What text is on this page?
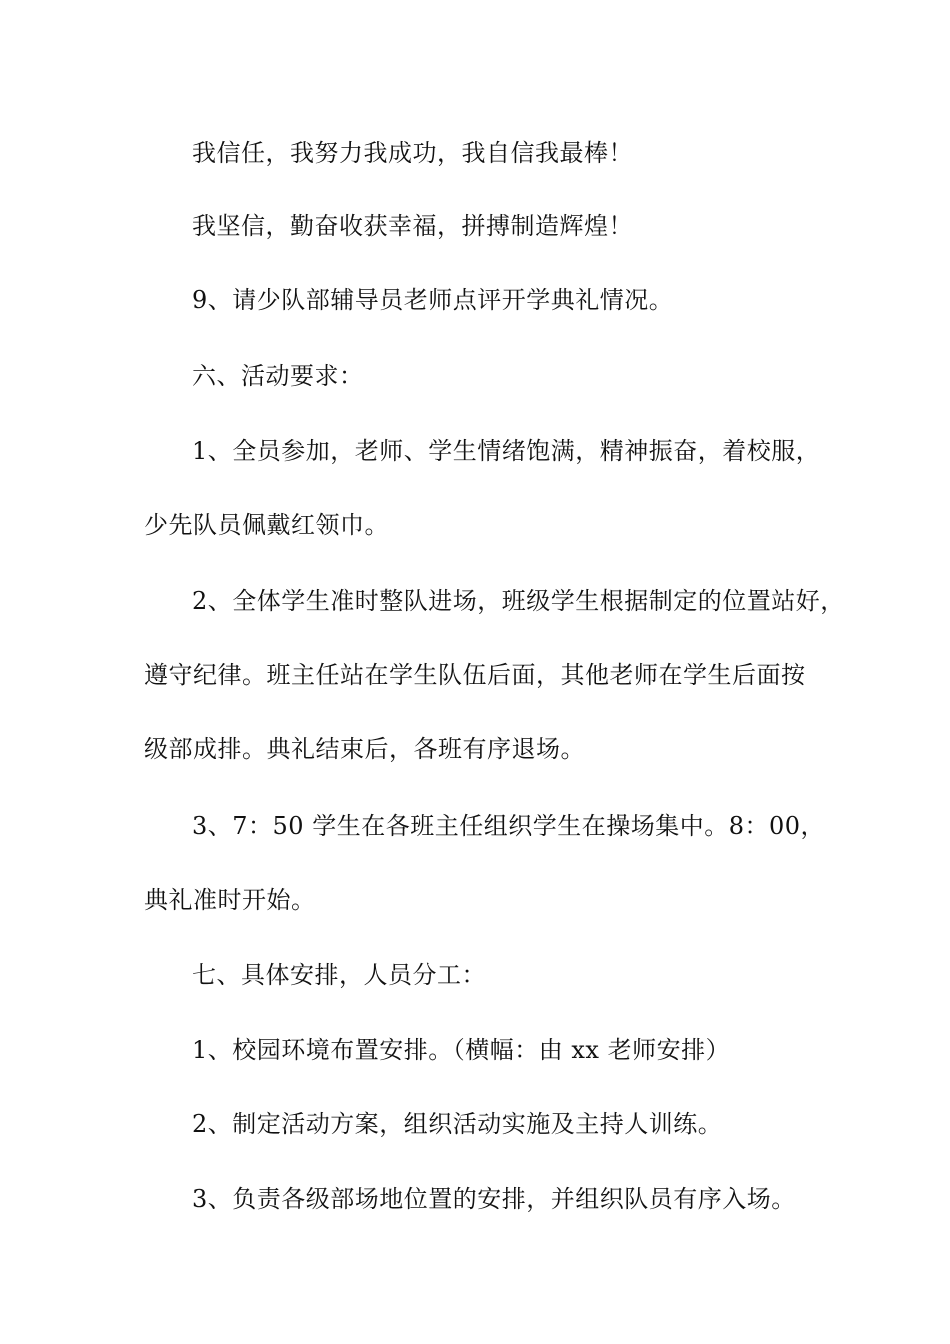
我信任，我努力我成功，我自信我最棒！
我坚信，勤奋收获幸福，拼搏制造辉煌！
9、请少队部辅导员老师点评开学典礼情况。
六、活动要求：
1、全员参加，老师、学生情绪饱满，精神振奋，着校服，
少先队员佩戴红领巾。
2、全体学生准时整队进场，班级学生根据制定的位置站好，
遵守纪律。班主任站在学生队伍后面，其他老师在学生后面按
级部成排。典礼结束后，各班有序退场。
3、7：50 学生在各班主任组织学生在操场集中。8：00，
典礼准时开始。
七、具体安排，人员分工：
1、校园环境布置安排。（横幅：由 xx 老师安排）
2、制定活动方案，组织活动实施及主持人训练。
3、负责各级部场地位置的安排，并组织队员有序入场。
